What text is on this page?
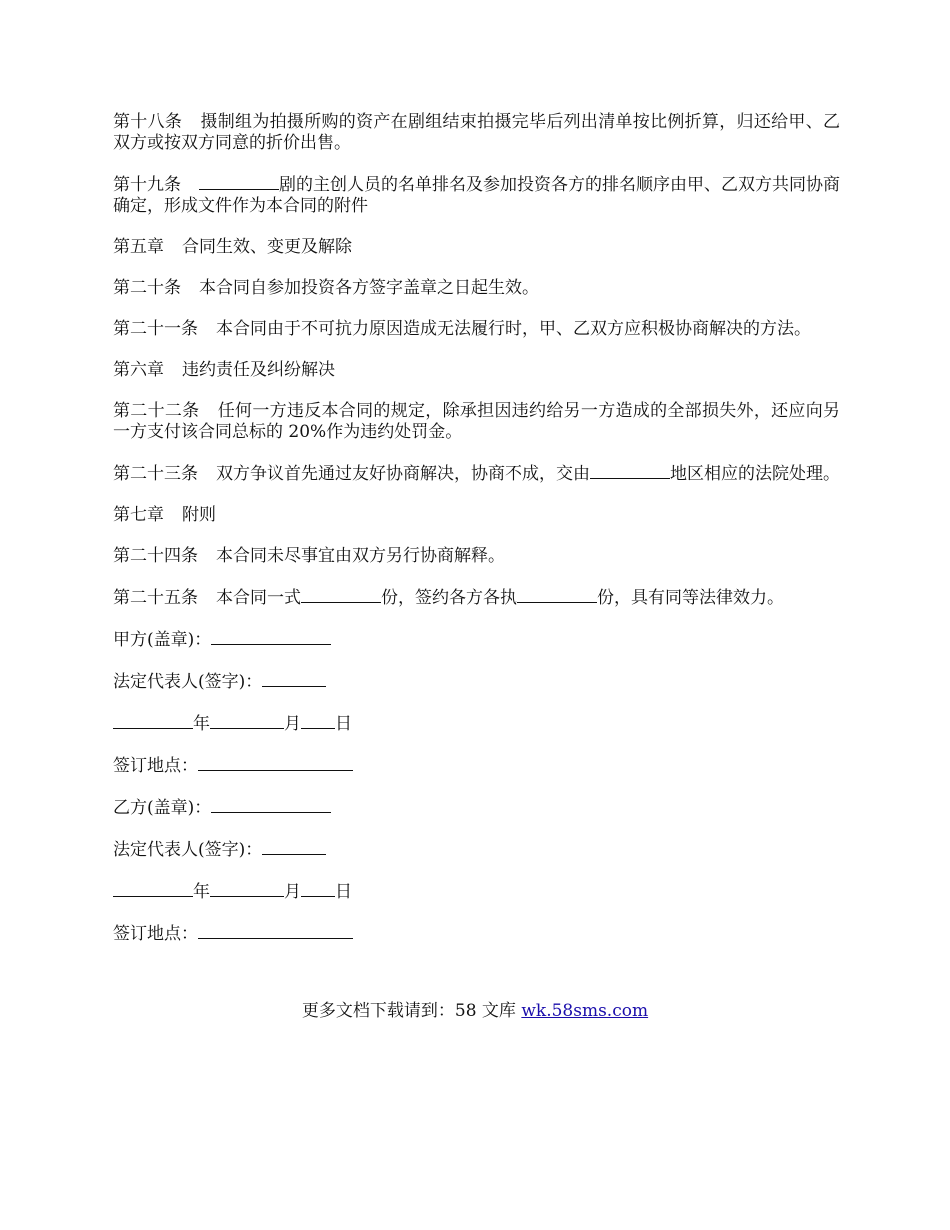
第十八条 摄制组为拍摄所购的资产在剧组结束拍摄完毕后列出清单按比例折算，归还给甲、乙双方或按双方同意的折价出售。

第十九条	剧的主创人员的名单排名及参加投资各方的排名顺序由甲、乙双方共同协商确定，形成文件作为本合同的附件

第五章 合同生效、变更及解除

第二十条 本合同自参加投资各方签字盖章之日起生效。

第二十一条 本合同由于不可抗力原因造成无法履行时，甲、乙双方应积极协商解决的方法。

第六章 违约责任及纠纷解决

第二十二条 任何一方违反本合同的规定，除承担因违约给另一方造成的全部损失外，还应向另一方支付该合同总标的 20%作为违约处罚金。

第二十三条 双方争议首先通过友好协商解决，协商不成，交由	地区相应的法院处理。

第七章 附则

第二十四条 本合同未尽事宜由双方另行协商解释。

第二十五条 本合同一式	份，签约各方各执	份，具有同等法律效力。

甲方(盖章)：

法定代表人(签字)：

年	月 日

签订地点：

乙方(盖章)：

法定代表人(签字)：

年	月 日

签订地点：

更多文档下载请到：58 文库 wk.58sms.com
